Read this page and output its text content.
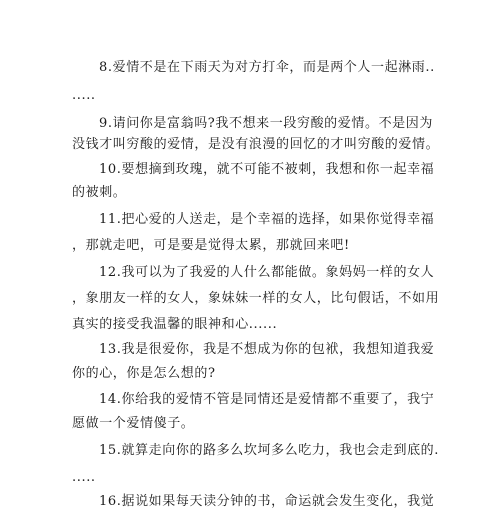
8.爱情不是在下雨天为对方打伞，而是两个人一起淋雨..
.....
9.请问你是富翁吗?我不想来一段穷酸的爱情。不是因为
没钱才叫穷酸的爱情，是没有浪漫的回忆的才叫穷酸的爱情。
10.要想摘到玫瑰，就不可能不被刺，我想和你一起幸福
的被刺。
11.把心爱的人送走，是个幸福的选择，如果你觉得幸福
，那就走吧，可是要是觉得太累，那就回来吧!
12.我可以为了我爱的人什么都能做。象妈妈一样的女人
，象朋友一样的女人，象妹妹一样的女人，比句假话，不如用
真实的接受我温馨的眼神和心......
13.我是很爱你，我是不想成为你的包袱，我想知道我爱
你的心，你是怎么想的?
14.你给我的爱情不管是同情还是爱情都不重要了，我宁
愿做一个爱情傻子。
15.就算走向你的路多么坎坷多么吃力，我也会走到底的.
.....
16.据说如果每天读分钟的书，命运就会发生变化，我觉
